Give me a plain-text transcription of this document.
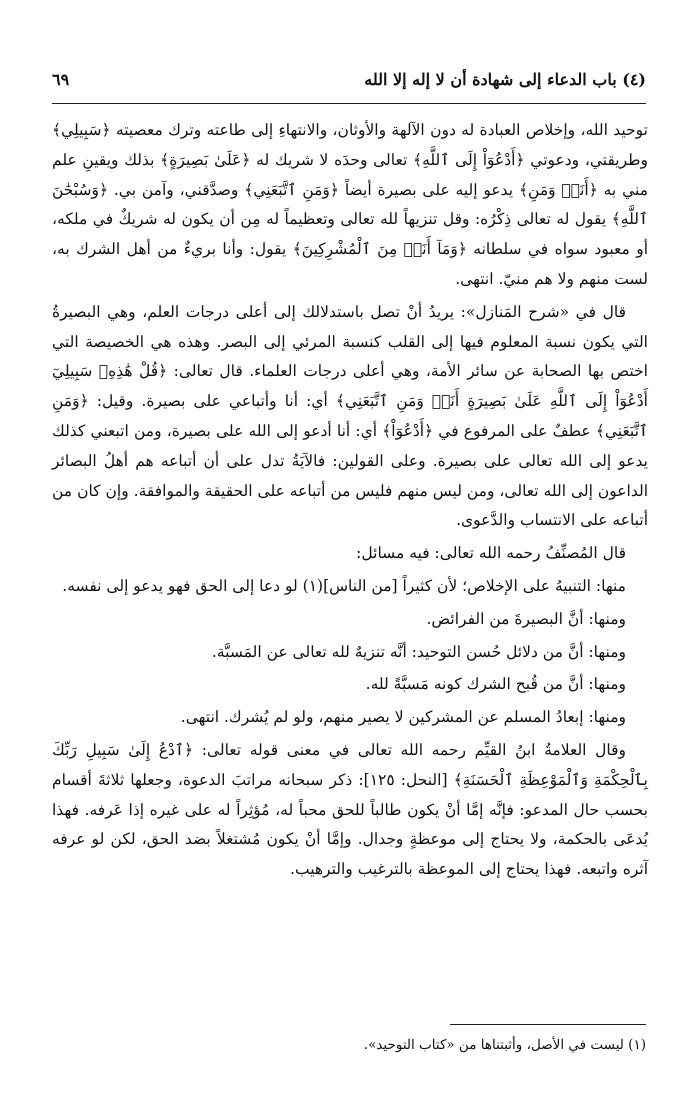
(٤) باب الدعاء إلى شهادة أن لا إله إلا الله
٦٩

توحيد الله، وإخلاص العبادة له دون الآلهة والأوثان، والانتهاءِ إلى طاعته وترك معصيته ﴿سَبِيلِي﴾ وطريقتي، ودعوتي ﴿أَدْعُوٓاْ إِلَى ٱللَّهِ﴾ تعالى وحدَه لا شريك له ﴿عَلَىٰ بَصِيرَةٍ﴾ بذلك ويقينِ علم مني به ﴿أَنَا۠ وَمَنِ﴾ يدعو إليه على بصيرة أيضاً ﴿وَمَنِ ٱتَّبَعَنِي﴾ وصدَّقني، وآمن بي. ﴿وَسُبْحَٰنَ ٱللَّهِ﴾ يقول له تعالى ذِكْرُه: وقل تنزيهاً لله تعالى وتعظيماً له مِن أن يكون له شريكٌ في ملكه، أو معبود سواه في سلطانه ﴿وَمَآ أَنَا۠ مِنَ ٱلْمُشْرِكِينَ﴾ يقول: وأنا بريءٌ من أهل الشرك به، لست منهم ولا هم منيّ. انتهى.

قال في «شرح المَنازل»: يريدُ أنْ تصل باستدلالك إلى أعلى درجات العلم، وهي البصيرةُ التي يكون نسبة المعلوم فيها إلى القلب كنسبة المرئي إلى البصر. وهذه هي الخصيصة التي اختص بها الصحابة عن سائر الأمة، وهي أعلى درجات العلماء. قال تعالى: ﴿قُلْ هَٰذِهِۦ سَبِيلِيٓ أَدْعُوٓاْ إِلَى ٱللَّهِ عَلَىٰ بَصِيرَةٍ أَنَا۠ وَمَنِ ٱتَّبَعَنِي﴾ أي: أنا وأتباعي على بصيرة. وقيل: ﴿وَمَنِ ٱتَّبَعَنِي﴾ عطفٌ على المرفوع في ﴿أَدْعُوٓاْ﴾ أي: أنا أدعو إلى الله على بصيرة، ومن اتبعني كذلك يدعو إلى الله تعالى على بصيرة. وعلى القولين: فالآيَةُ تدل على أن أتباعه هم أهلُ البصائر الداعون إلى الله تعالى، ومن ليس منهم فليس من أتباعه على الحقيقة والموافقة. وإن كان من أتباعه على الانتساب والدَّعوى.

قال المُصنِّفُ رحمه الله تعالى: فيه مسائل:

منها: التنبيهُ على الإخلاص؛ لأن كثيراً [من الناس](١) لو دعا إلى الحق فهو يدعو إلى نفسه.

ومنها: أنَّ البصيرةَ من الفرائض.

ومنها: أنَّ من دلائل حُسن التوحيد: أنَّه تنزيهٌ لله تعالى عن المَسبَّة.

ومنها: أنَّ من قُبح الشرك كونه مَسبَّةً لله.

ومنها: إبعادُ المسلم عن المشركين لا يصير منهم، ولو لم يُشرك. انتهى.

وقال العلامةُ ابنُ القيِّم رحمه الله تعالى في معنى قوله تعالى: ﴿ٱدْعُ إِلَىٰ سَبِيلِ رَبِّكَ بِٱلْحِكْمَةِ وَٱلْمَوْعِظَةِ ٱلْحَسَنَةِ﴾ [النحل: ١٢٥]: ذكر سبحانه مراتبَ الدعوة، وجعلها ثلاثةَ أقسام بحسب حال المدعو: فإنَّه إمَّا أنْ يكون طالباً للحق محباً له، مُؤثِراً له على غيره إذا عَرفه. فهذا يُدعَى بالحكمة، ولا يحتاج إلى موعظةٍ وجدال. وإمَّا أنْ يكون مُشتغلاً بضد الحق، لكن لو عرفه آثره واتبعه. فهذا يحتاج إلى الموعظة بالترغيب والترهيب.

(١) ليست في الأصل، وأثبتناها من «كتاب التوحيد».
